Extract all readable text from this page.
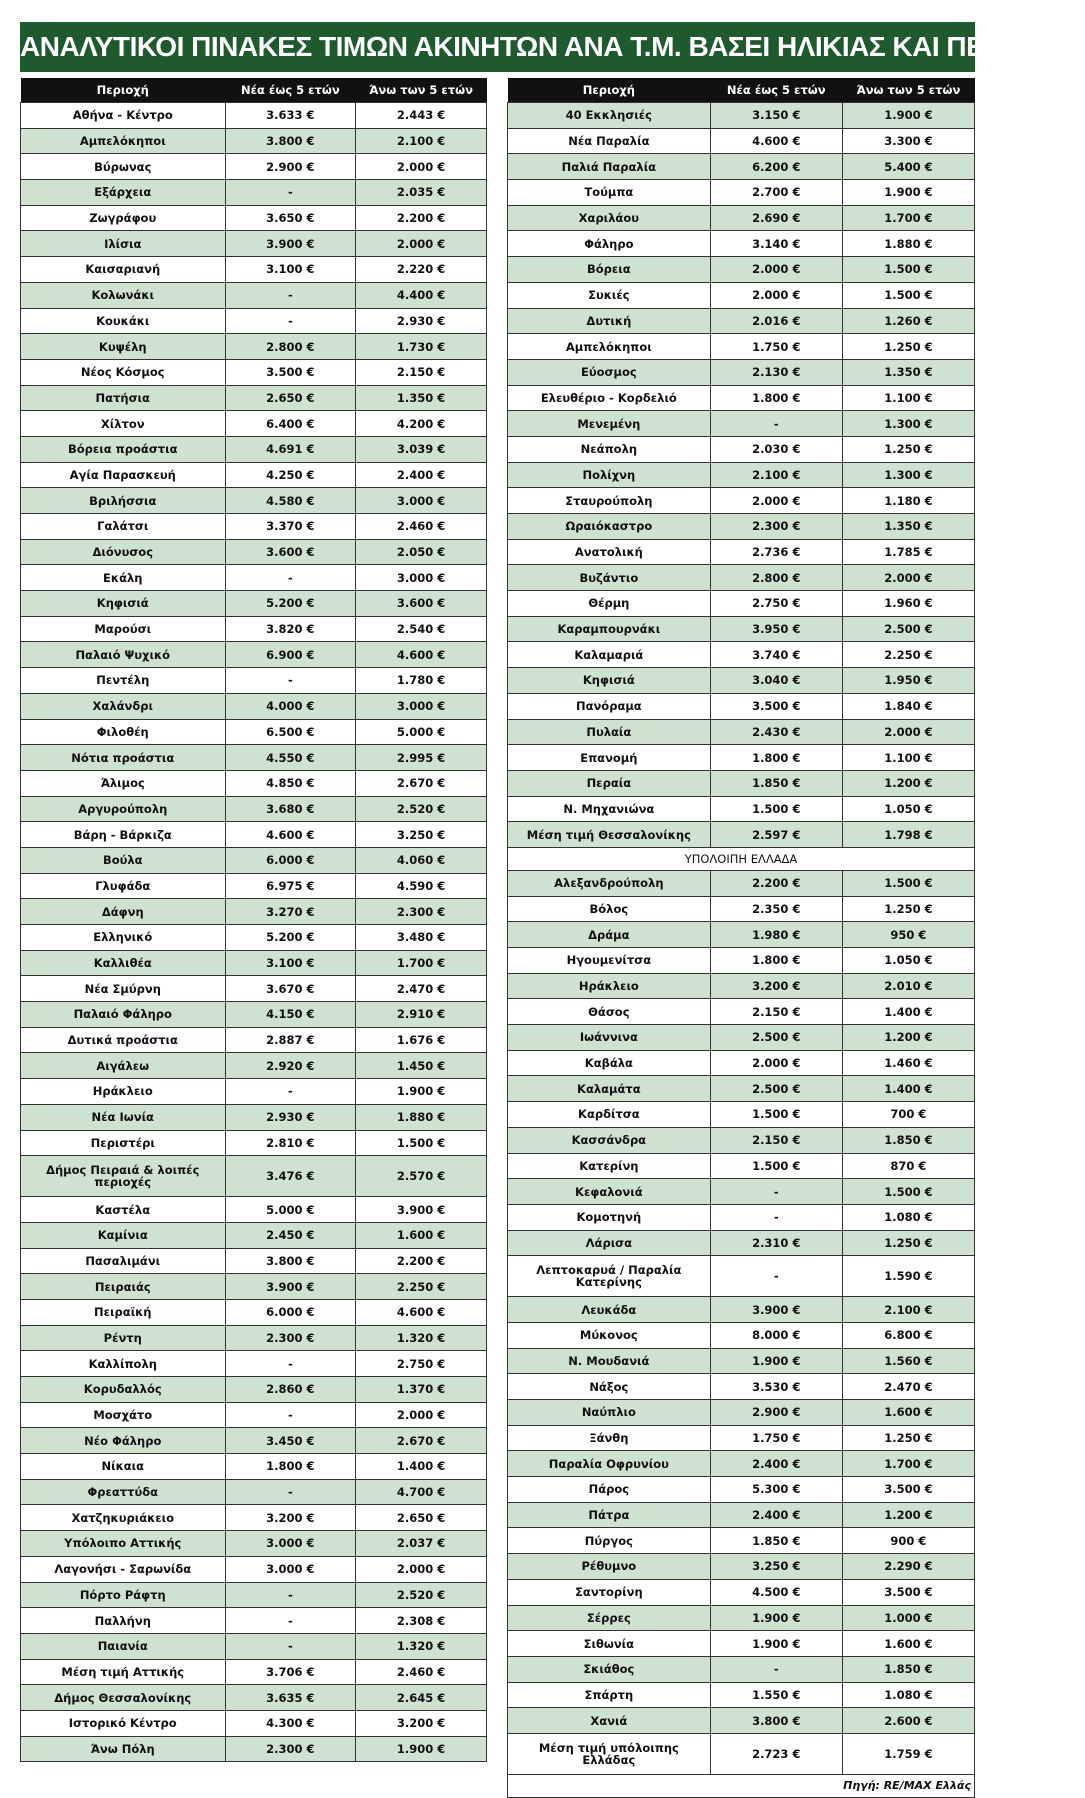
ΑΝΑΛΥΤΙΚΟΙ ΠΙΝΑΚΕΣ ΤΙΜΩΝ ΑΚΙΝΗΤΩΝ ΑΝΑ Τ.Μ. ΒΑΣΕΙ ΗΛΙΚΙΑΣ ΚΑΙ ΠΕΡΙΟΧΗΣ
Περιοχή	Νέα έως 5 ετών	Άνω των 5 ετών
Αθήνα - Κέντρο	3.633 €	2.443 €
Αμπελόκηποι	3.800 €	2.100 €
Βύρωνας	2.900 €	2.000 €
Εξάρχεια	-	2.035 €
Ζωγράφου	3.650 €	2.200 €
Ιλίσια	3.900 €	2.000 €
Καισαριανή	3.100 €	2.220 €
Κολωνάκι	-	4.400 €
Κουκάκι	-	2.930 €
Κυψέλη	2.800 €	1.730 €
Νέος Κόσμος	3.500 €	2.150 €
Πατήσια	2.650 €	1.350 €
Χίλτον	6.400 €	4.200 €
Βόρεια προάστια	4.691 €	3.039 €
Αγία Παρασκευή	4.250 €	2.400 €
Βριλήσσια	4.580 €	3.000 €
Γαλάτσι	3.370 €	2.460 €
Διόνυσος	3.600 €	2.050 €
Εκάλη	-	3.000 €
Κηφισιά	5.200 €	3.600 €
Μαρούσι	3.820 €	2.540 €
Παλαιό Ψυχικό	6.900 €	4.600 €
Πεντέλη	-	1.780 €
Χαλάνδρι	4.000 €	3.000 €
Φιλοθέη	6.500 €	5.000 €
Νότια προάστια	4.550 €	2.995 €
Άλιμος	4.850 €	2.670 €
Αργυρούπολη	3.680 €	2.520 €
Βάρη - Βάρκιζα	4.600 €	3.250 €
Βούλα	6.000 €	4.060 €
Γλυφάδα	6.975 €	4.590 €
Δάφνη	3.270 €	2.300 €
Ελληνικό	5.200 €	3.480 €
Καλλιθέα	3.100 €	1.700 €
Νέα Σμύρνη	3.670 €	2.470 €
Παλαιό Φάληρο	4.150 €	2.910 €
Δυτικά προάστια	2.887 €	1.676 €
Αιγάλεω	2.920 €	1.450 €
Ηράκλειο	-	1.900 €
Νέα Ιωνία	2.930 €	1.880 €
Περιστέρι	2.810 €	1.500 €
Δήμος Πειραιά & λοιπές περιοχές	3.476 €	2.570 €
Καστέλα	5.000 €	3.900 €
Καμίνια	2.450 €	1.600 €
Πασαλιμάνι	3.800 €	2.200 €
Πειραιάς	3.900 €	2.250 €
Πειραϊκή	6.000 €	4.600 €
Ρέντη	2.300 €	1.320 €
Καλλίπολη	-	2.750 €
Κορυδαλλός	2.860 €	1.370 €
Μοσχάτο	-	2.000 €
Νέο Φάληρο	3.450 €	2.670 €
Νίκαια	1.800 €	1.400 €
Φρεαττύδα	-	4.700 €
Χατζηκυριάκειο	3.200 €	2.650 €
Υπόλοιπο Αττικής	3.000 €	2.037 €
Λαγονήσι - Σαρωνίδα	3.000 €	2.000 €
Πόρτο Ράφτη	-	2.520 €
Παλλήνη	-	2.308 €
Παιανία	-	1.320 €
Μέση τιμή Αττικής	3.706 €	2.460 €
Δήμος Θεσσαλονίκης	3.635 €	2.645 €
Ιστορικό Κέντρο	4.300 €	3.200 €
Άνω Πόλη	2.300 €	1.900 €
Περιοχή	Νέα έως 5 ετών	Άνω των 5 ετών
40 Εκκλησιές	3.150 €	1.900 €
Νέα Παραλία	4.600 €	3.300 €
Παλιά Παραλία	6.200 €	5.400 €
Τούμπα	2.700 €	1.900 €
Χαριλάου	2.690 €	1.700 €
Φάληρο	3.140 €	1.880 €
Βόρεια	2.000 €	1.500 €
Συκιές	2.000 €	1.500 €
Δυτική	2.016 €	1.260 €
Αμπελόκηποι	1.750 €	1.250 €
Εύοσμος	2.130 €	1.350 €
Ελευθέριο - Κορδελιό	1.800 €	1.100 €
Μενεμένη	-	1.300 €
Νεάπολη	2.030 €	1.250 €
Πολίχνη	2.100 €	1.300 €
Σταυρούπολη	2.000 €	1.180 €
Ωραιόκαστρο	2.300 €	1.350 €
Ανατολική	2.736 €	1.785 €
Βυζάντιο	2.800 €	2.000 €
Θέρμη	2.750 €	1.960 €
Καραμπουρνάκι	3.950 €	2.500 €
Καλαμαριά	3.740 €	2.250 €
Κηφισιά	3.040 €	1.950 €
Πανόραμα	3.500 €	1.840 €
Πυλαία	2.430 €	2.000 €
Επανομή	1.800 €	1.100 €
Περαία	1.850 €	1.200 €
Ν. Μηχανιώνα	1.500 €	1.050 €
Μέση τιμή Θεσσαλονίκης	2.597 €	1.798 €
ΥΠΟΛΟΙΠΗ ΕΛΛΑΔΑ		
Αλεξανδρούπολη	2.200 €	1.500 €
Βόλος	2.350 €	1.250 €
Δράμα	1.980 €	950 €
Ηγουμενίτσα	1.800 €	1.050 €
Ηράκλειο	3.200 €	2.010 €
Θάσος	2.150 €	1.400 €
Ιωάννινα	2.500 €	1.200 €
Καβάλα	2.000 €	1.460 €
Καλαμάτα	2.500 €	1.400 €
Καρδίτσα	1.500 €	700 €
Κασσάνδρα	2.150 €	1.850 €
Κατερίνη	1.500 €	870 €
Κεφαλονιά	-	1.500 €
Κομοτηνή	-	1.080 €
Λάρισα	2.310 €	1.250 €
Λεπτοκαρυά / Παραλία Κατερίνης	-	1.590 €
Λευκάδα	3.900 €	2.100 €
Μύκονος	8.000 €	6.800 €
Ν. Μουδανιά	1.900 €	1.560 €
Νάξος	3.530 €	2.470 €
Ναύπλιο	2.900 €	1.600 €
Ξάνθη	1.750 €	1.250 €
Παραλία Οφρυνίου	2.400 €	1.700 €
Πάρος	5.300 €	3.500 €
Πάτρα	2.400 €	1.200 €
Πύργος	1.850 €	900 €
Ρέθυμνο	3.250 €	2.290 €
Σαντορίνη	4.500 €	3.500 €
Σέρρες	1.900 €	1.000 €
Σιθωνία	1.900 €	1.600 €
Σκιάθος	-	1.850 €
Σπάρτη	1.550 €	1.080 €
Χανιά	3.800 €	2.600 €
Μέση τιμή υπόλοιπης Ελλάδας	2.723 €	1.759 €
Πηγή: RE/MAX Ελλάς		
